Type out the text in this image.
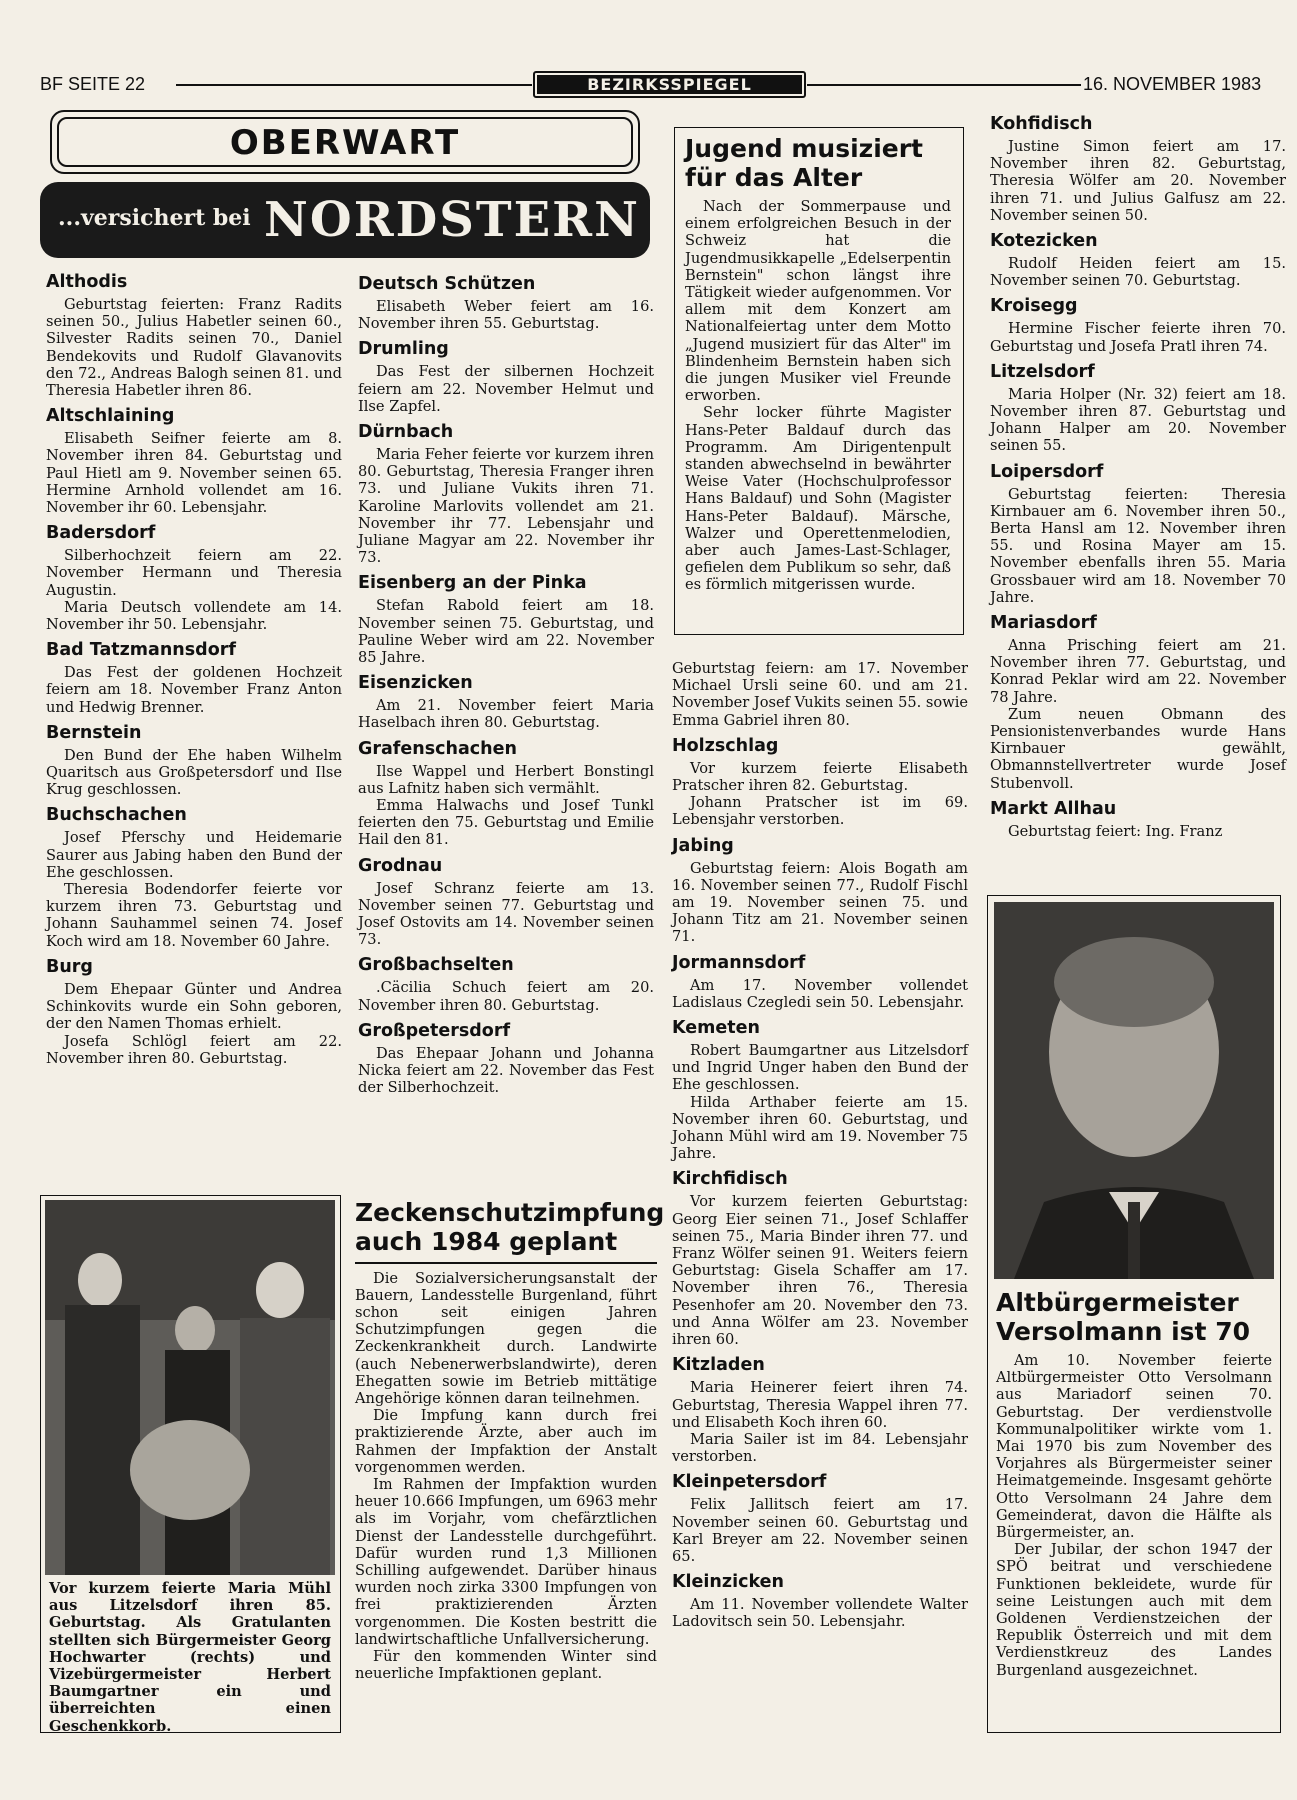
BF SEITE 22	BEZIRKSSPIEGEL	16. NOVEMBER 1983
OBERWART
...versichert bei NORDSTERN
Althodis

Geburtstag feierten: Franz Radits seinen 50., Julius Habetler seinen 60., Silvester Radits seinen 70., Daniel Bendekovits und Rudolf Glavanovits den 72., Andreas Balogh seinen 81. und Theresia Habetler ihren 86.

Altschlaining

Elisabeth Seifner feierte am 8. November ihren 84. Geburtstag und Paul Hietl am 9. November seinen 65. Hermine Arnhold vollendet am 16. November ihr 60. Lebensjahr.

Badersdorf

Silberhochzeit feiern am 22. November Hermann und Theresia Augustin.

Maria Deutsch vollendete am 14. November ihr 50. Lebensjahr.

Bad Tatzmannsdorf

Das Fest der goldenen Hochzeit feiern am 18. November Franz Anton und Hedwig Brenner.

Bernstein

Den Bund der Ehe haben Wilhelm Quaritsch aus Großpetersdorf und Ilse Krug geschlossen.

Buchschachen

Josef Pferschy und Heidemarie Saurer aus Jabing haben den Bund der Ehe geschlossen.

Theresia Bodendorfer feierte vor kurzem ihren 73. Geburtstag und Johann Sauhammel seinen 74. Josef Koch wird am 18. November 60 Jahre.

Burg

Dem Ehepaar Günter und Andrea Schinkovits wurde ein Sohn geboren, der den Namen Thomas erhielt.

Josefa Schlögl feiert am 22. November ihren 80. Geburtstag.

Vor kurzem feierte Maria Mühl aus Litzelsdorf ihren 85. Geburtstag. Als Gratulanten stellten sich Bürgermeister Georg Hochwarter (rechts) und Vizebürgermeister Herbert Baumgartner ein und überreichten einen Geschenkkorb.
Deutsch Schützen

Elisabeth Weber feiert am 16. November ihren 55. Geburtstag.

Drumling

Das Fest der silbernen Hochzeit feiern am 22. November Helmut und Ilse Zapfel.

Dürnbach

Maria Feher feierte vor kurzem ihren 80. Geburtstag, Theresia Franger ihren 73. und Juliane Vukits ihren 71. Karoline Marlovits vollendet am 21. November ihr 77. Lebensjahr und Juliane Magyar am 22. November ihr 73.

Eisenberg an der Pinka

Stefan Rabold feiert am 18. November seinen 75. Geburtstag, und Pauline Weber wird am 22. November 85 Jahre.

Eisenzicken

Am 21. November feiert Maria Haselbach ihren 80. Geburtstag.

Grafenschachen

Ilse Wappel und Herbert Bonstingl aus Lafnitz haben sich vermählt.

Emma Halwachs und Josef Tunkl feierten den 75. Geburtstag und Emilie Hail den 81.

Grodnau

Josef Schranz feierte am 13. November seinen 77. Geburtstag und Josef Ostovits am 14. November seinen 73.

Großbachselten

.Cäcilia Schuch feiert am 20. November ihren 80. Geburtstag.

Großpetersdorf

Das Ehepaar Johann und Johanna Nicka feiert am 22. November das Fest der Silberhochzeit.

Zeckenschutzimpfung auch 1984 geplant

Die Sozialversicherungsanstalt der Bauern, Landesstelle Burgenland, führt schon seit einigen Jahren Schutzimpfungen gegen die Zeckenkrankheit durch. Landwirte (auch Nebenerwerbslandwirte), deren Ehegatten sowie im Betrieb mittätige Angehörige können daran teilnehmen.

Die Impfung kann durch frei praktizierende Ärzte, aber auch im Rahmen der Impfaktion der Anstalt vorgenommen werden.

Im Rahmen der Impfaktion wurden heuer 10.666 Impfungen, um 6963 mehr als im Vorjahr, vom chefärztlichen Dienst der Landesstelle durchgeführt. Dafür wurden rund 1,3 Millionen Schilling aufgewendet. Darüber hinaus wurden noch zirka 3300 Impfungen von frei praktizierenden Ärzten vorgenommen. Die Kosten bestritt die landwirtschaftliche Unfallversicherung.

Für den kommenden Winter sind neuerliche Impfaktionen geplant.

Jugend musiziert für das Alter

Nach der Sommerpause und einem erfolgreichen Besuch in der Schweiz hat die Jugendmusikkapelle „Edelserpentin Bernstein" schon längst ihre Tätigkeit wieder aufgenommen. Vor allem mit dem Konzert am Nationalfeiertag unter dem Motto „Jugend musiziert für das Alter" im Blindenheim Bernstein haben sich die jungen Musiker viel Freunde erworben.

Sehr locker führte Magister Hans-Peter Baldauf durch das Programm. Am Dirigentenpult standen abwechselnd in bewährter Weise Vater (Hochschulprofessor Hans Baldauf) und Sohn (Magister Hans-Peter Baldauf). Märsche, Walzer und Operettenmelodien, aber auch James-Last-Schlager, gefielen dem Publikum so sehr, daß es förmlich mitgerissen wurde.

Geburtstag feiern: am 17. November Michael Ursli seine 60. und am 21. November Josef Vukits seinen 55. sowie Emma Gabriel ihren 80.

Holzschlag

Vor kurzem feierte Elisabeth Pratscher ihren 82. Geburtstag.

Johann Pratscher ist im 69. Lebensjahr verstorben.

Jabing

Geburtstag feiern: Alois Bogath am 16. November seinen 77., Rudolf Fischl am 19. November seinen 75. und Johann Titz am 21. November seinen 71.

Jormannsdorf

Am 17. November vollendet Ladislaus Czegledi sein 50. Lebensjahr.

Kemeten

Robert Baumgartner aus Litzelsdorf und Ingrid Unger haben den Bund der Ehe geschlossen.

Hilda Arthaber feierte am 15. November ihren 60. Geburtstag, und Johann Mühl wird am 19. November 75 Jahre.

Kirchfidisch

Vor kurzem feierten Geburtstag: Georg Eier seinen 71., Josef Schlaffer seinen 75., Maria Binder ihren 77. und Franz Wölfer seinen 91. Weiters feiern Geburtstag: Gisela Schaffer am 17. November ihren 76., Theresia Pesenhofer am 20. November den 73. und Anna Wölfer am 23. November ihren 60.

Kitzladen

Maria Heinerer feiert ihren 74. Geburtstag, Theresia Wappel ihren 77. und Elisabeth Koch ihren 60.

Maria Sailer ist im 84. Lebensjahr verstorben.

Kleinpetersdorf

Felix Jallitsch feiert am 17. November seinen 60. Geburtstag und Karl Breyer am 22. November seinen 65.

Kleinzicken

Am 11. November vollendete Walter Ladovitsch sein 50. Lebensjahr.

Kohfidisch

Justine Simon feiert am 17. November ihren 82. Geburtstag, Theresia Wölfer am 20. November ihren 71. und Julius Galfusz am 22. November seinen 50.

Kotezicken

Rudolf Heiden feiert am 15. November seinen 70. Geburtstag.

Kroisegg

Hermine Fischer feierte ihren 70. Geburtstag und Josefa Pratl ihren 74.

Litzelsdorf

Maria Holper (Nr. 32) feiert am 18. November ihren 87. Geburtstag und Johann Halper am 20. November seinen 55.

Loipersdorf

Geburtstag feierten: Theresia Kirnbauer am 6. November ihren 50., Berta Hansl am 12. November ihren 55. und Rosina Mayer am 15. November ebenfalls ihren 55. Maria Grossbauer wird am 18. November 70 Jahre.

Mariasdorf

Anna Prisching feiert am 21. November ihren 77. Geburtstag, und Konrad Peklar wird am 22. November 78 Jahre.

Zum neuen Obmann des Pensionistenverbandes wurde Hans Kirnbauer gewählt, Obmannstellvertreter wurde Josef Stubenvoll.

Markt Allhau

Geburtstag feiert: Ing. Franz

Altbürgermeister Versolmann ist 70

Am 10. November feierte Altbürgermeister Otto Versolmann aus Mariadorf seinen 70. Geburtstag. Der verdienstvolle Kommunalpolitiker wirkte vom 1. Mai 1970 bis zum November des Vorjahres als Bürgermeister seiner Heimatgemeinde. Insgesamt gehörte Otto Versolmann 24 Jahre dem Gemeinderat, davon die Hälfte als Bürgermeister, an.

Der Jubilar, der schon 1947 der SPÖ beitrat und verschiedene Funktionen bekleidete, wurde für seine Leistungen auch mit dem Goldenen Verdienstzeichen der Republik Österreich und mit dem Verdienstkreuz des Landes Burgenland ausgezeichnet.
